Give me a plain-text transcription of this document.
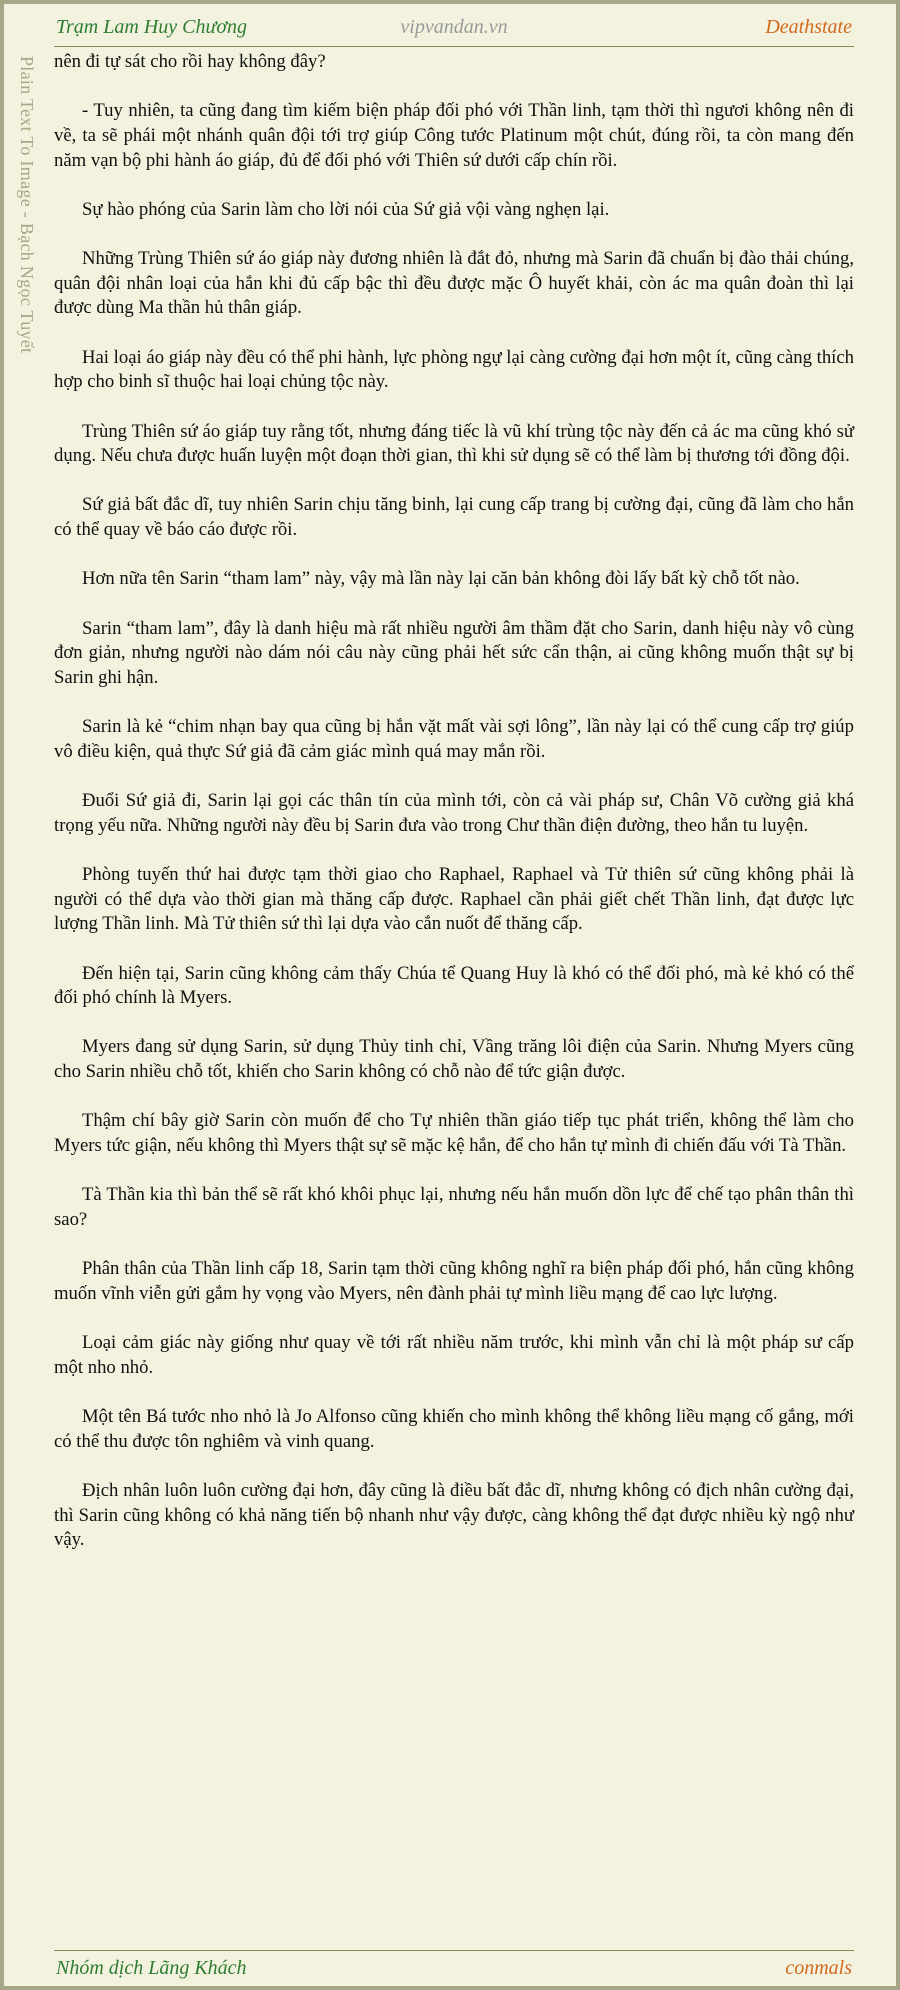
Trạm Lam Huy Chương	vipvandan.vn	Deathstate
Plain Text To Image - Bạch Ngọc Tuyết nên đi tự sát cho rồi hay không đây?

- Tuy nhiên, ta cũng đang tìm kiếm biện pháp đối phó với Thần linh, tạm thời thì ngươi không nên đi về, ta sẽ phái một nhánh quân đội tới trợ giúp Công tước Platinum một chút, đúng rồi, ta còn mang đến năm vạn bộ phi hành áo giáp, đủ để đối phó với Thiên sứ dưới cấp chín rồi.

Sự hào phóng của Sarin làm cho lời nói của Sứ giả vội vàng nghẹn lại.

Những Trùng Thiên sứ áo giáp này đương nhiên là đắt đỏ, nhưng mà Sarin đã chuẩn bị đào thải chúng, quân đội nhân loại của hắn khi đủ cấp bậc thì đều được mặc Ô huyết khải, còn ác ma quân đoàn thì lại được dùng Ma thần hủ thân giáp.

Hai loại áo giáp này đều có thể phi hành, lực phòng ngự lại càng cường đại hơn một ít, cũng càng thích hợp cho binh sĩ thuộc hai loại chủng tộc này.

Trùng Thiên sứ áo giáp tuy rằng tốt, nhưng đáng tiếc là vũ khí trùng tộc này đến cả ác ma cũng khó sử dụng. Nếu chưa được huấn luyện một đoạn thời gian, thì khi sử dụng sẽ có thể làm bị thương tới đồng đội.

Sứ giả bất đắc dĩ, tuy nhiên Sarin chịu tăng binh, lại cung cấp trang bị cường đại, cũng đã làm cho hắn có thể quay về báo cáo được rồi.

Hơn nữa tên Sarin “tham lam” này, vậy mà lần này lại căn bản không đòi lấy bất kỳ chỗ tốt nào.

Sarin “tham lam”, đây là danh hiệu mà rất nhiều người âm thầm đặt cho Sarin, danh hiệu này vô cùng đơn giản, nhưng người nào dám nói câu này cũng phải hết sức cẩn thận, ai cũng không muốn thật sự bị Sarin ghi hận.

Sarin là kẻ “chim nhạn bay qua cũng bị hắn vặt mất vài sợi lông”, lần này lại có thể cung cấp trợ giúp vô điều kiện, quả thực Sứ giả đã cảm giác mình quá may mắn rồi.

Đuổi Sứ giả đi, Sarin lại gọi các thân tín của mình tới, còn cả vài pháp sư, Chân Võ cường giả khá trọng yếu nữa. Những người này đều bị Sarin đưa vào trong Chư thần điện đường, theo hắn tu luyện.

Phòng tuyến thứ hai được tạm thời giao cho Raphael, Raphael và Tử thiên sứ cũng không phải là người có thể dựa vào thời gian mà thăng cấp được. Raphael cần phải giết chết Thần linh, đạt được lực lượng Thần linh. Mà Tử thiên sứ thì lại dựa vào cắn nuốt để thăng cấp.

Đến hiện tại, Sarin cũng không cảm thấy Chúa tể Quang Huy là khó có thể đối phó, mà kẻ khó có thể đối phó chính là Myers.

Myers đang sử dụng Sarin, sử dụng Thủy tinh chỉ, Vầng trăng lôi điện của Sarin. Nhưng Myers cũng cho Sarin nhiều chỗ tốt, khiến cho Sarin không có chỗ nào để tức giận được.

Thậm chí bây giờ Sarin còn muốn để cho Tự nhiên thần giáo tiếp tục phát triển, không thể làm cho Myers tức giận, nếu không thì Myers thật sự sẽ mặc kệ hắn, để cho hắn tự mình đi chiến đấu với Tà Thần.

Tà Thần kia thì bản thể sẽ rất khó khôi phục lại, nhưng nếu hắn muốn dồn lực để chế tạo phân thân thì sao?

Phân thân của Thần linh cấp 18, Sarin tạm thời cũng không nghĩ ra biện pháp đối phó, hắn cũng không muốn vĩnh viễn gửi gắm hy vọng vào Myers, nên đành phải tự mình liều mạng để cao lực lượng.

Loại cảm giác này giống như quay về tới rất nhiều năm trước, khi mình vẫn chỉ là một pháp sư cấp một nho nhỏ.

Một tên Bá tước nho nhỏ là Jo Alfonso cũng khiến cho mình không thể không liều mạng cố gắng, mới có thể thu được tôn nghiêm và vinh quang.

Địch nhân luôn luôn cường đại hơn, đây cũng là điều bất đắc dĩ, nhưng không có địch nhân cường đại, thì Sarin cũng không có khả năng tiến bộ nhanh như vậy được, càng không thể đạt được nhiều kỳ ngộ như vậy.

Nhóm dịch Lãng Khách	conmals
